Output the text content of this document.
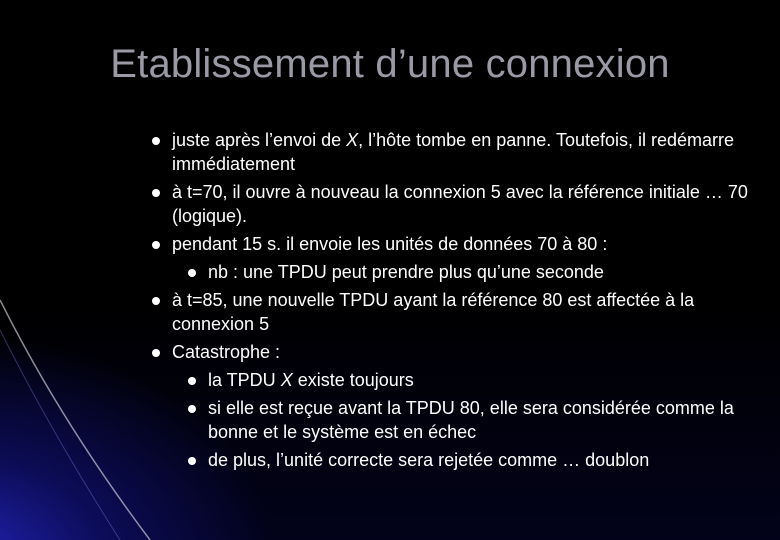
Etablissement d’une connexion
juste après l’envoi de X, l’hôte tombe en panne. Toutefois, il redémarre immédiatement
à t=70, il ouvre à nouveau la connexion 5 avec la référence initiale … 70 (logique).
pendant 15 s. il envoie les unités de données 70 à 80 :
nb : une TPDU peut prendre plus qu’une seconde
à t=85, une nouvelle TPDU ayant la référence 80 est affectée à la connexion 5
Catastrophe :
la TPDU X existe toujours
si elle est reçue avant la TPDU 80, elle sera considérée comme la bonne et le système est en échec
de plus, l’unité correcte sera rejetée comme … doublon
